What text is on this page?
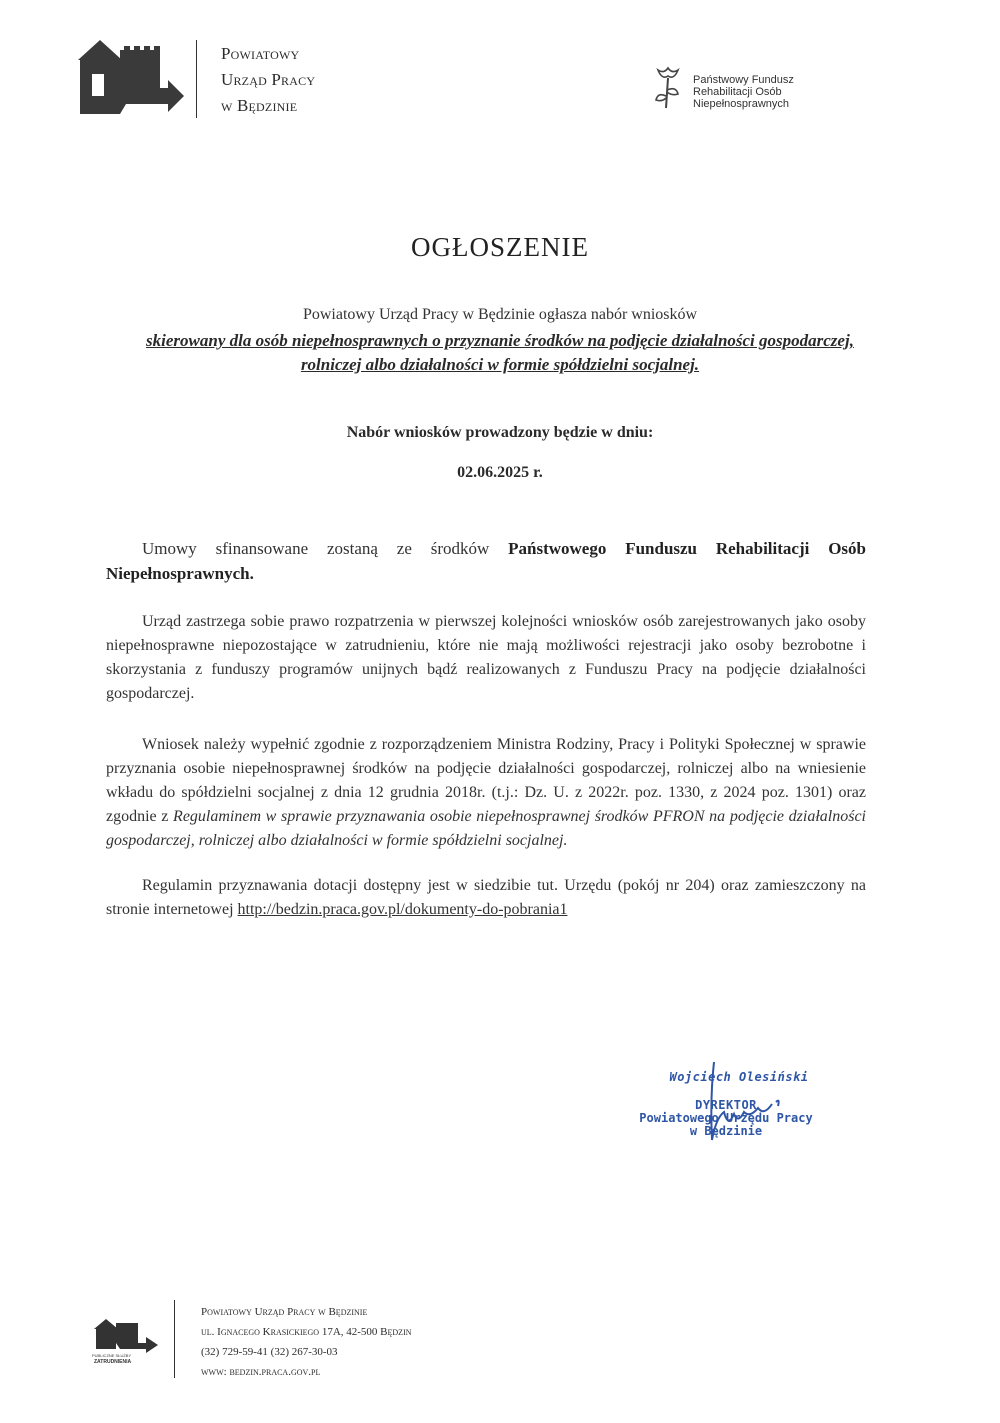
Powiatowy
Urząd Pracy
w Będzinie
Państwowy Fundusz
Rehabilitacji Osób
Niepełnosprawnych
OGŁOSZENIE
Powiatowy Urząd Pracy w Będzinie ogłasza nabór wniosków
skierowany dla osób niepełnosprawnych o przyznanie środków na podjęcie działalności gospodarczej, rolniczej albo działalności w formie spółdzielni socjalnej.
Nabór wniosków prowadzony będzie w dniu:
02.06.2025 r.
Umowy sfinansowane zostaną ze środków Państwowego Funduszu Rehabilitacji Osób Niepełnosprawnych.
Urząd zastrzega sobie prawo rozpatrzenia w pierwszej kolejności wniosków osób zarejestrowanych jako osoby niepełnosprawne niepozostające w zatrudnieniu, które nie mają możliwości rejestracji jako osoby bezrobotne i skorzystania z funduszy programów unijnych bądź realizowanych z Funduszu Pracy na podjęcie działalności gospodarczej.
Wniosek należy wypełnić zgodnie z rozporządzeniem Ministra Rodziny, Pracy i Polityki Społecznej w sprawie przyznania osobie niepełnosprawnej środków na podjęcie działalności gospodarczej, rolniczej albo na wniesienie wkładu do spółdzielni socjalnej z dnia 12 grudnia 2018r. (t.j.: Dz. U. z 2022r. poz. 1330, z 2024 poz. 1301) oraz zgodnie z Regulaminem w sprawie przyznawania osobie niepełnosprawnej środków PFRON na podjęcie działalności gospodarczej, rolniczej albo działalności w formie spółdzielni socjalnej.
Regulamin przyznawania dotacji dostępny jest w siedzibie tut. Urzędu (pokój nr 204) oraz zamieszczony na stronie internetowej http://bedzin.praca.gov.pl/dokumenty-do-pobrania1
Wojciech Olesiński
DYREKTOR
Powiatowego Urzędu Pracy
w Będzinie
PUBLICZNE SŁUŻBY
ZATRUDNIENIA
Powiatowy Urząd Pracy w Będzinie
ul. Ignacego Krasickiego 17A, 42-500 Będzin
(32) 729-59-41 (32) 267-30-03
www: bedzin.praca.gov.pl
